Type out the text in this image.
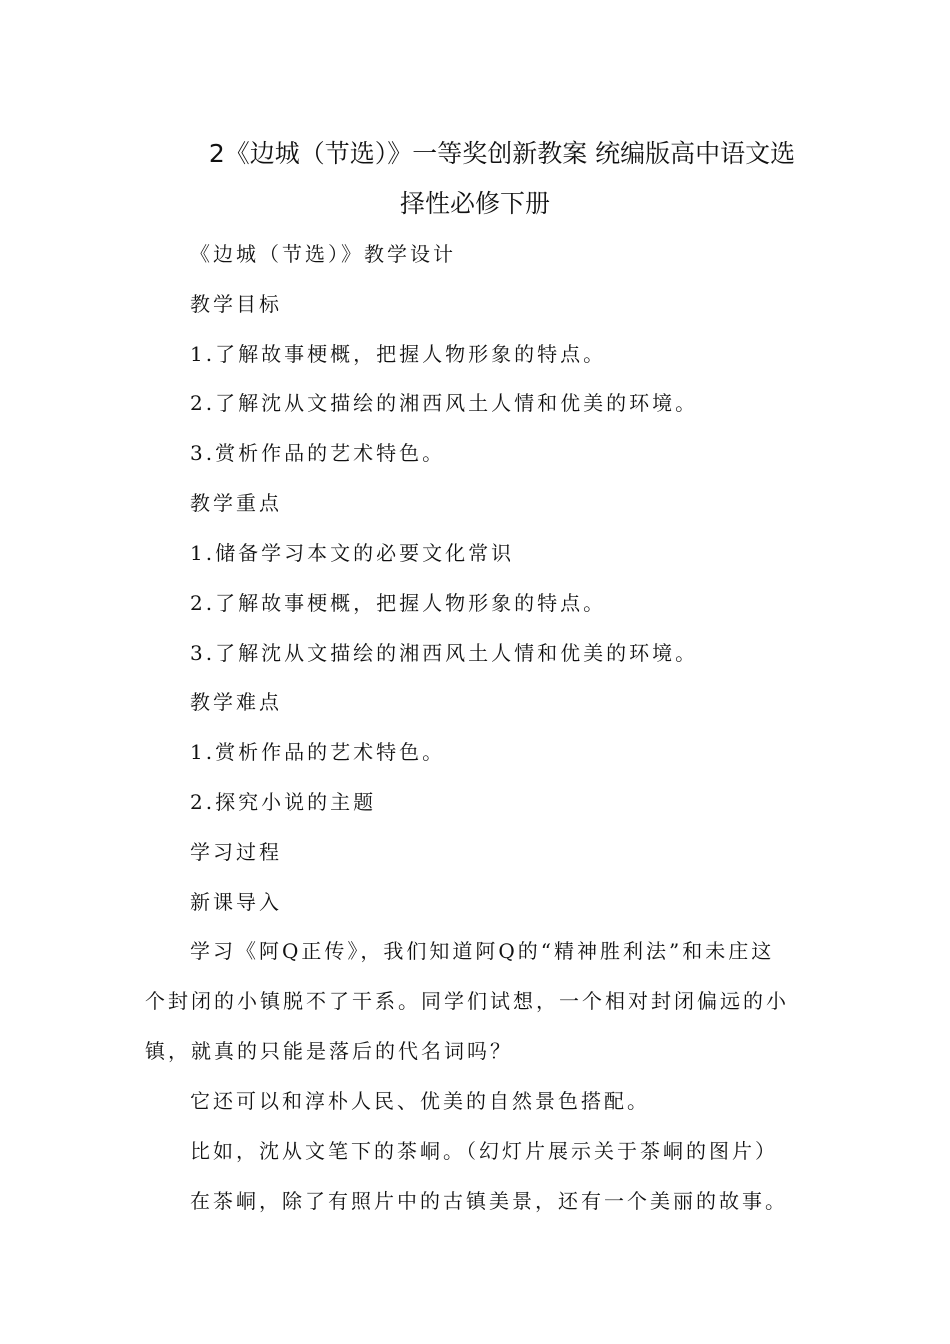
2《边城（节选）》一等奖创新教案 统编版高中语文选
择性必修下册
《边城（节选）》教学设计
教学目标
1.了解故事梗概，把握人物形象的特点。
2.了解沈从文描绘的湘西风土人情和优美的环境。
3.赏析作品的艺术特色。
教学重点
1.储备学习本文的必要文化常识
2.了解故事梗概，把握人物形象的特点。
3.了解沈从文描绘的湘西风土人情和优美的环境。
教学难点
1.赏析作品的艺术特色。
2.探究小说的主题
学习过程
新课导入
学习《阿Q正传》，我们知道阿Q的“精神胜利法”和未庄这
个封闭的小镇脱不了干系。同学们试想，一个相对封闭偏远的小
镇，就真的只能是落后的代名词吗？
它还可以和淳朴人民、优美的自然景色搭配。
比如，沈从文笔下的茶峒。（幻灯片展示关于茶峒的图片）
在茶峒，除了有照片中的古镇美景，还有一个美丽的故事。
